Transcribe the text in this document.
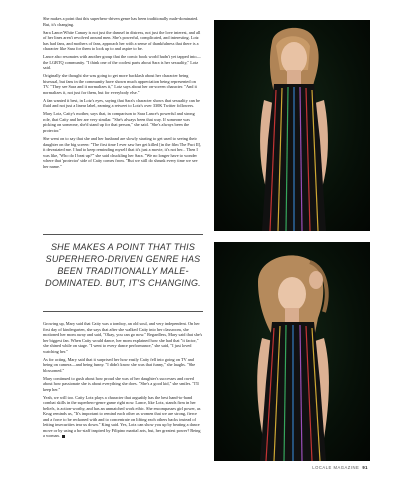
She makes a point that this superhero-driven genre has been traditionally male-dominated. But, it's changing.

Sara Lance/White Canary is not just the damsel in distress, not just the love interest, and all of her lines aren't revolved around men. She's powerful, complicated, and interesting. Lotz has had fans, and mothers of fans, approach her with a sense of thankfulness that there is a character like Sara for them to look up to and aspire to be.

Lance also resonates with another group that the comic book world hadn't yet tapped into—the LGBTQ community. "I think one of the coolest parts about Sara is her sexuality," Lotz said.

Originally she thought she was going to get more backlash about her character being bisexual, but fans in the community have shown much appreciation being represented on TV. "They see Sara and it normalizes it," Lotz says about her on-screen character. "And it normalizes it, not just for them, but for everybody else."

A fan wanted it best, in Lotz's eyes, saying that Sara's character shows that sexuality can be fluid and not just a linear label, earning a retweet to Lotz's over 330K Twitter followers.

Mary Lotz, Caity's mother, says that, in comparison to Sara Lance's powerful and strong role, that Caity and her are very similar. "She's always been that way. If someone was picking on someone, she'd stand up for that person," she said. "She's always been the protector."

She went on to say that she and her husband are slowly starting to get used to seeing their daughter on the big screen: "The first time I ever saw her get killed [in the film The Pact II], it devastated me. I had to keep reminding myself that it's just a movie, it's not her... Then I was like, 'Who do I beat up?'" she said chuckling her Sara. "We no longer have to wonder where that 'protector' side of Caity comes from. "But we still do shrunk every time we see her name."

SHE MAKES A POINT THAT THIS SUPERHERO-DRIVEN GENRE HAS BEEN TRADITIONALLY MALE-DOMINATED. BUT, IT'S CHANGING.

Growing up, Mary said that Caity was a tomboy, an old soul, and very independent. On her first day of kindergarten, she says that after she walked Caity into her classroom, she motioned her mom away and said, "Okay, you can go now." Regardless, Mary said that she's her biggest fan. When Caity would dance, her mom explained how she had that "it factor," she shined while on stage. "I went to every dance performance," she said, "I just loved watching her."

As for acting, Mary said that it surprised her how easily Caity fell into going on TV and being on camera—and being funny. "I didn't know she was that funny," she laughs. "She blossomed."

Mary continued to gush about how proud she was of her daughter's successes and raved about how passionate she is about everything she does. "She's a good kid," she smiles. "I'll keep her."

Yeah, we will too. Caity Lotz plays a character that arguably has the best hand-to-hand combat skills in the superhero-genre game right now. Lance, like Lotz, stands firm in her beliefs, is action-worthy, and has an unmatched work ethic. She encompasses girl power, as Krug reminds us, "It's important to remind each other as women that we are strong, fierce and a force to be reckoned with and to concentrate on lifting each others backs instead of letting insecurities tear us down." King said. Yes, Lotz can show you up by beating a dance move or by using a bo-staff inspired by Filipino martial arts, but, her greatest power? Being a woman.

LOCALE MAGAZINE 91
